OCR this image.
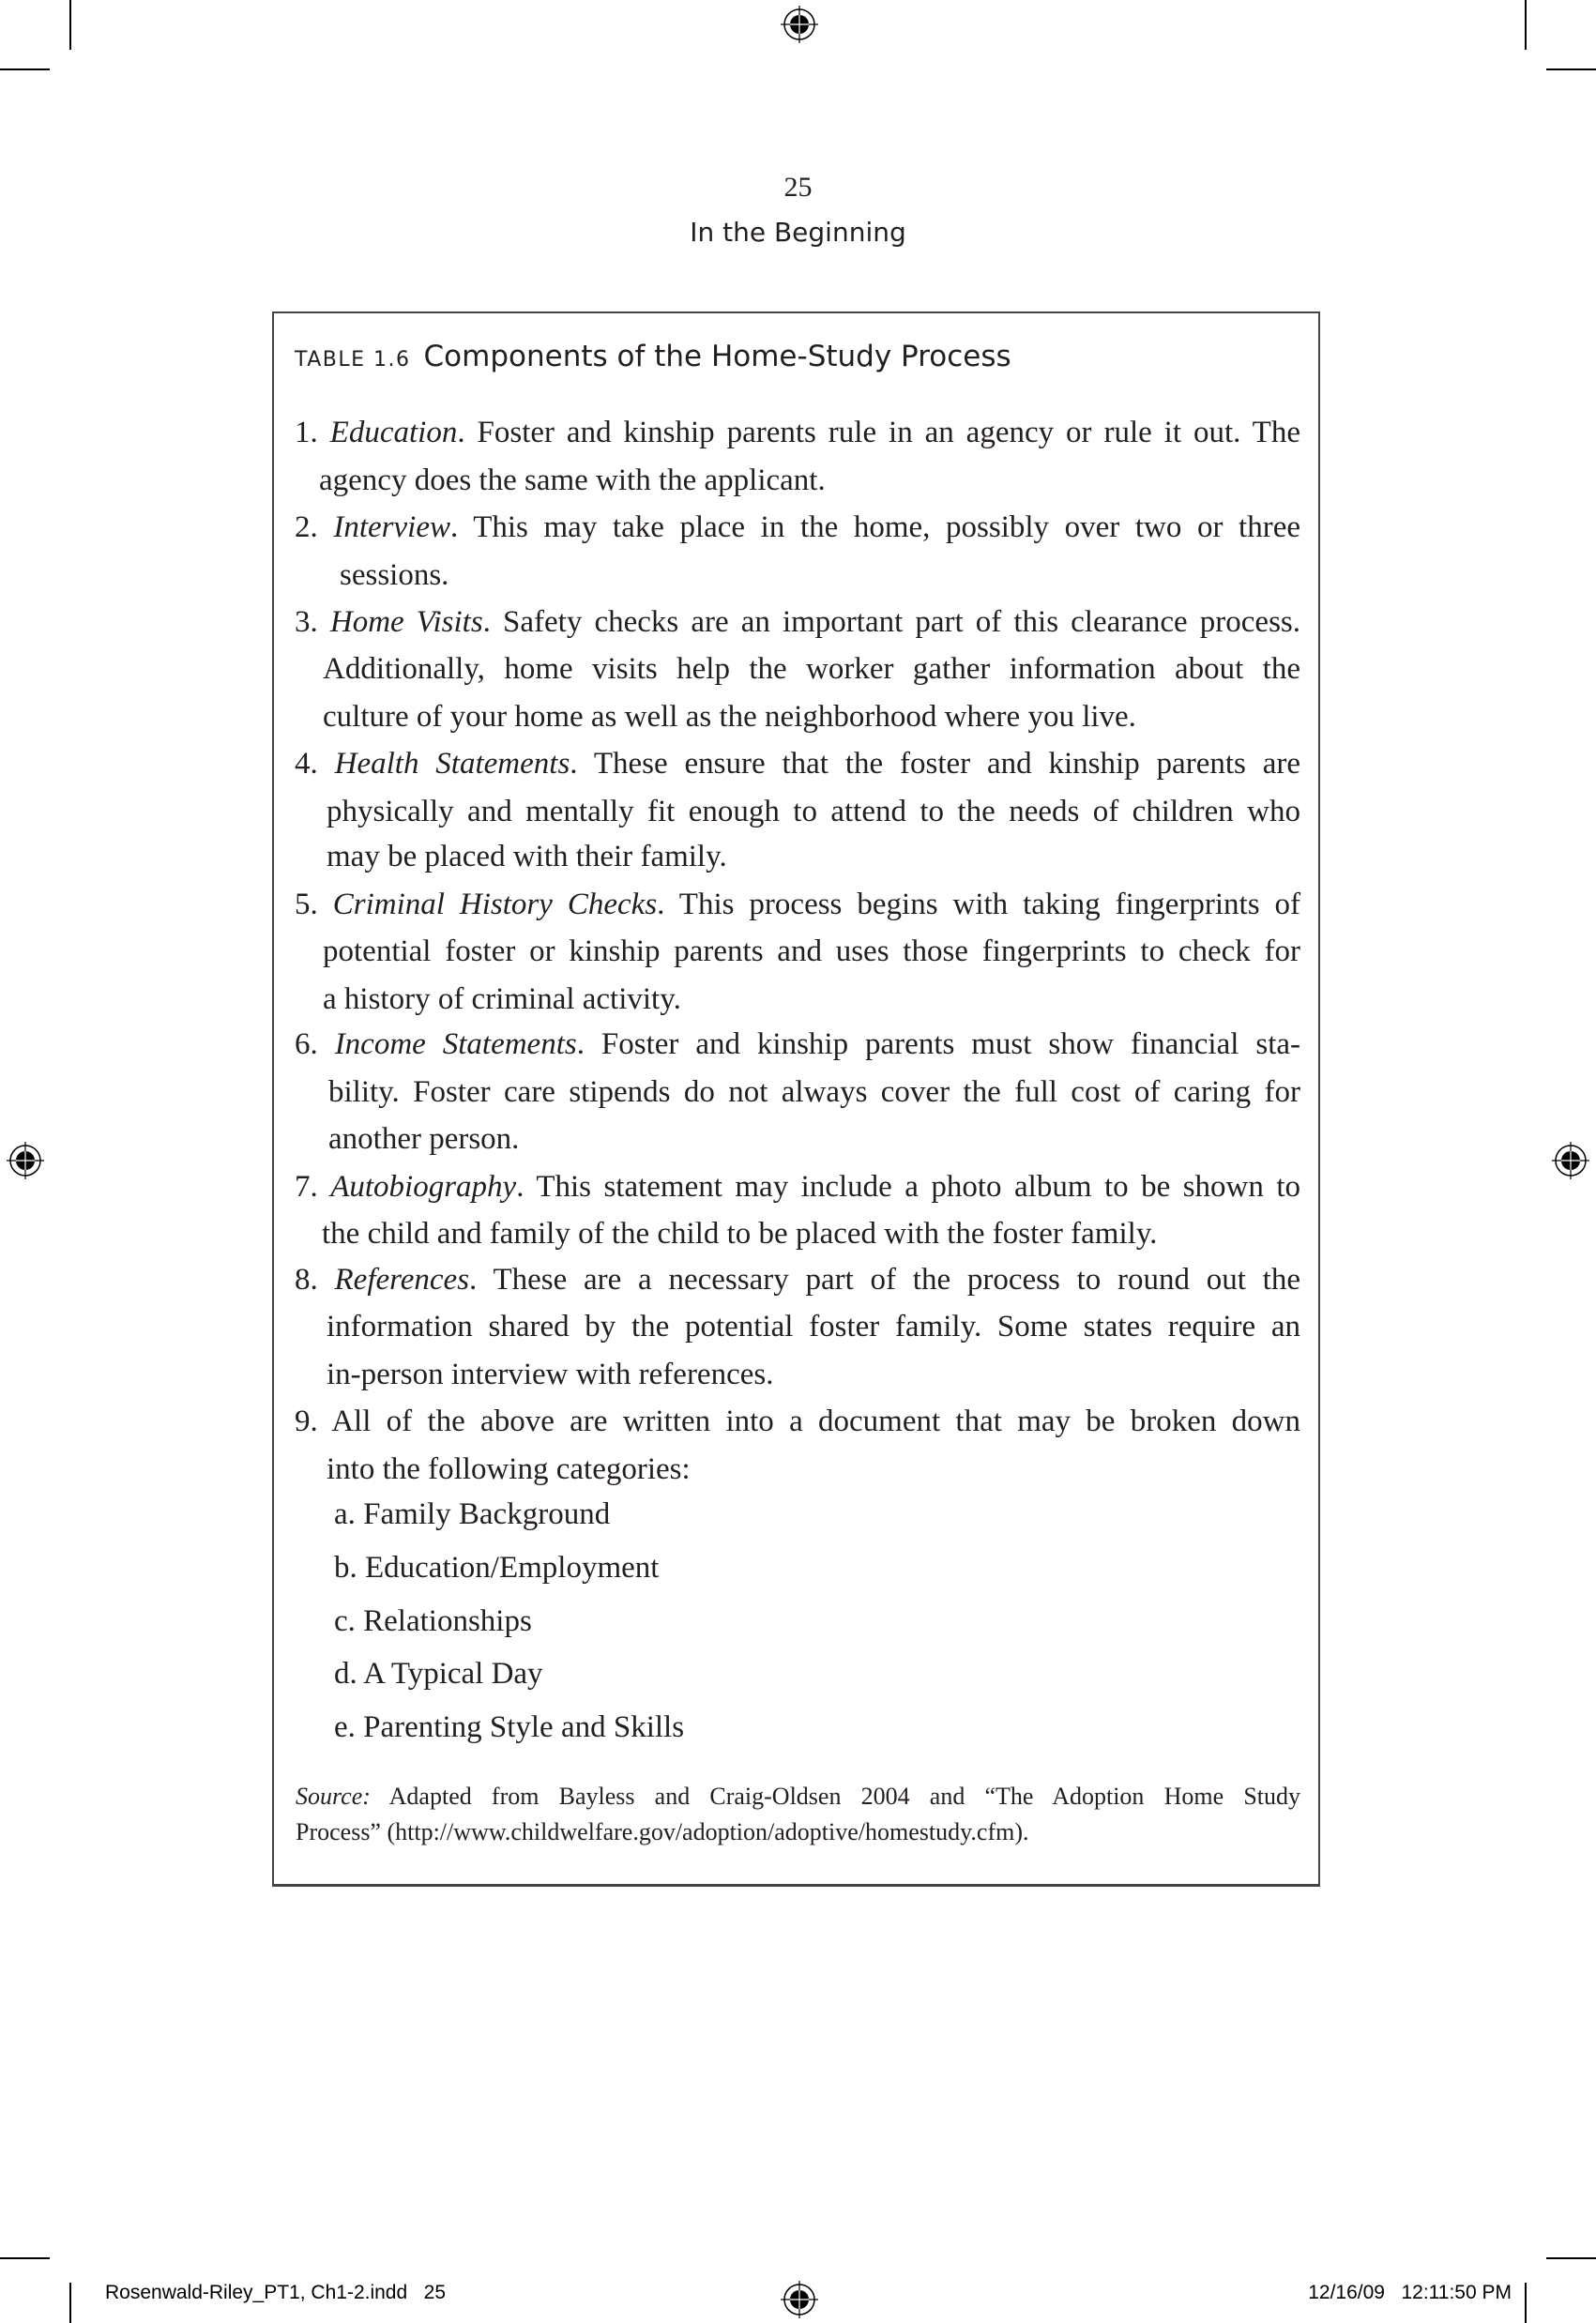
25
In the Beginning
TABLE 1.6 Components of the Home-Study Process
1. Education. Foster and kinship parents rule in an agency or rule it out. The
agency does the same with the applicant.
2. Interview. This may take place in the home, possibly over two or three
sessions.
3. Home Visits. Safety checks are an important part of this clearance process.
Additionally, home visits help the worker gather information about the
culture of your home as well as the neighborhood where you live.
4. Health Statements. These ensure that the foster and kinship parents are
physically and mentally fit enough to attend to the needs of children who
may be placed with their family.
5. Criminal History Checks. This process begins with taking fingerprints of
potential foster or kinship parents and uses those fingerprints to check for
a history of criminal activity.
6. Income Statements. Foster and kinship parents must show financial sta-
bility. Foster care stipends do not always cover the full cost of caring for
another person.
7. Autobiography. This statement may include a photo album to be shown to
the child and family of the child to be placed with the foster family.
8. References. These are a necessary part of the process to round out the
information shared by the potential foster family. Some states require an
in-person interview with references.
9. All of the above are written into a document that may be broken down
into the following categories:
a. Family Background
b. Education/Employment
c. Relationships
d. A Typical Day
e. Parenting Style and Skills
Source: Adapted from Bayless and Craig-Oldsen 2004 and “The Adoption Home Study
Process” (http://www.childwelfare.gov/adoption/adoptive/homestudy.cfm).
Rosenwald-Riley_PT1, Ch1-2.indd   25	12/16/09   12:11:50 PM
